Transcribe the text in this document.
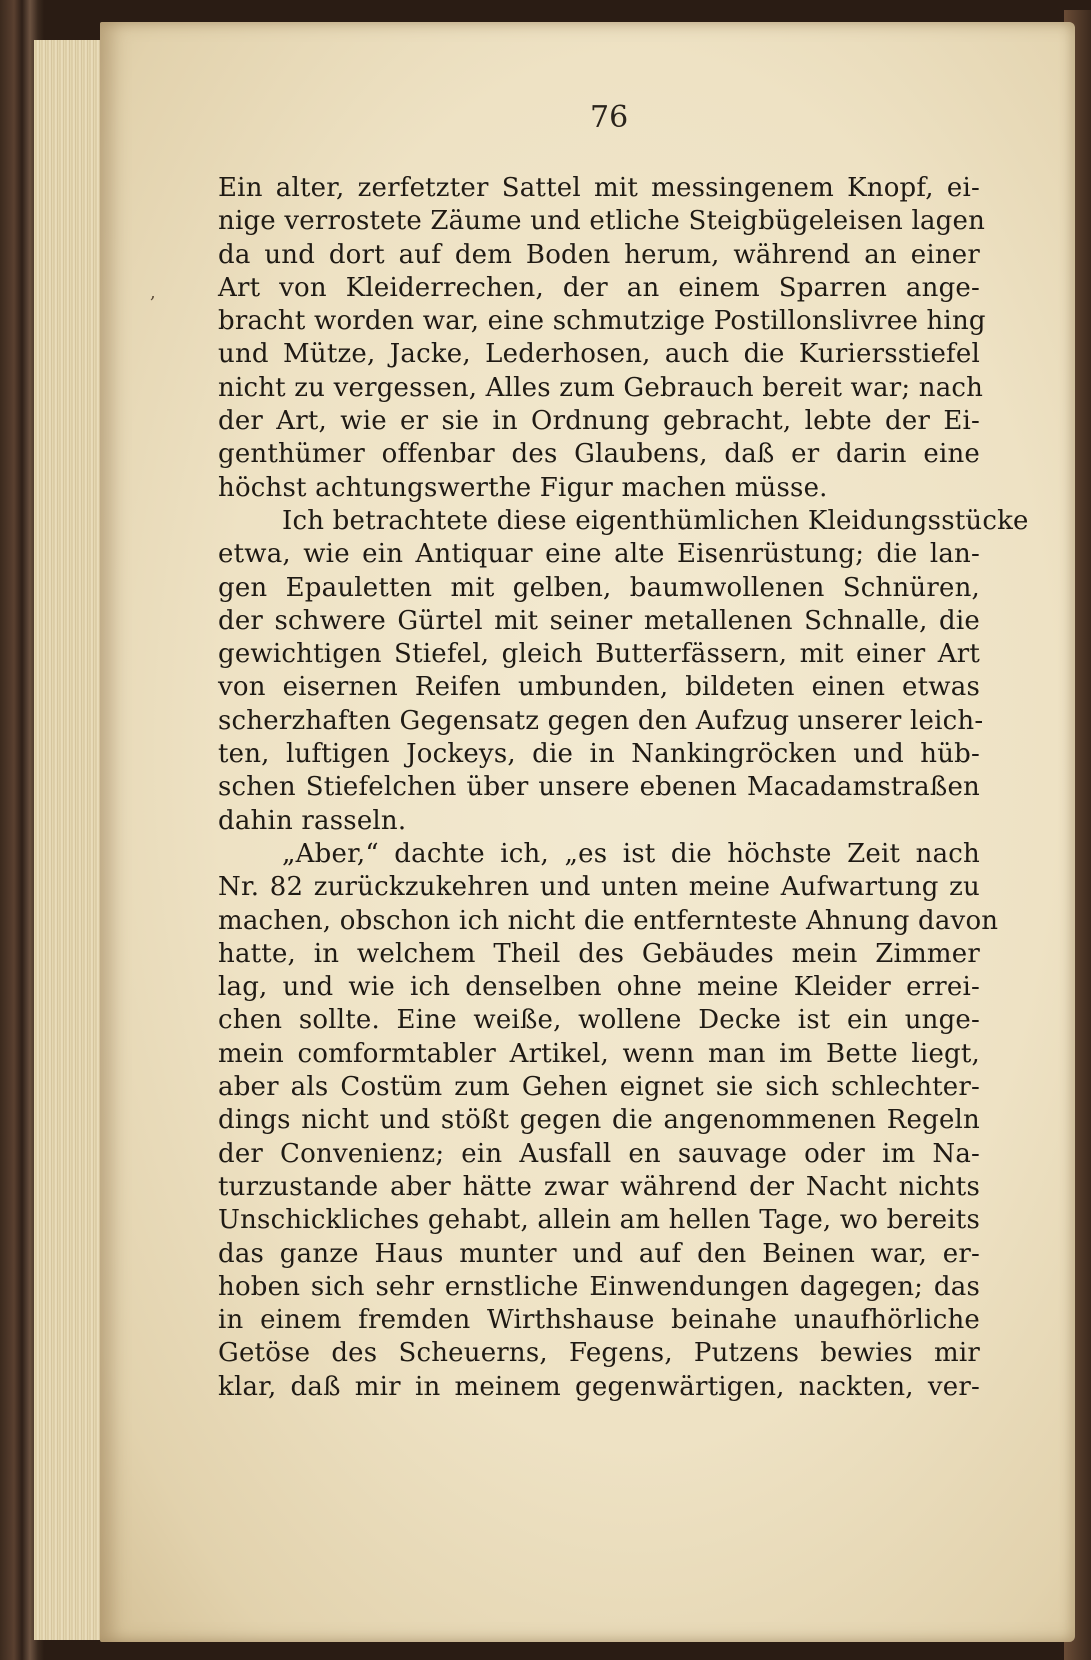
76
,
Ein alter, zerfetzter Sattel mit messingenem Knopf, ei-
nige verrostete Zäume und etliche Steigbügeleisen lagen
da und dort auf dem Boden herum, während an einer
Art von Kleiderrechen, der an einem Sparren ange-
bracht worden war, eine schmutzige Postillonslivree hing
und Mütze, Jacke, Lederhosen, auch die Kuriersstiefel
nicht zu vergessen, Alles zum Gebrauch bereit war; nach
der Art, wie er sie in Ordnung gebracht, lebte der Ei-
genthümer offenbar des Glaubens, daß er darin eine
höchst achtungswerthe Figur machen müsse.
Ich betrachtete diese eigenthümlichen Kleidungsstücke
etwa, wie ein Antiquar eine alte Eisenrüstung; die lan-
gen Epauletten mit gelben, baumwollenen Schnüren,
der schwere Gürtel mit seiner metallenen Schnalle, die
gewichtigen Stiefel, gleich Butterfässern, mit einer Art
von eisernen Reifen umbunden, bildeten einen etwas
scherzhaften Gegensatz gegen den Aufzug unserer leich-
ten, luftigen Jockeys, die in Nankingröcken und hüb-
schen Stiefelchen über unsere ebenen Macadamstraßen
dahin rasseln.
„Aber,“ dachte ich, „es ist die höchste Zeit nach
Nr. 82 zurückzukehren und unten meine Aufwartung zu
machen, obschon ich nicht die entfernteste Ahnung davon
hatte, in welchem Theil des Gebäudes mein Zimmer
lag, und wie ich denselben ohne meine Kleider errei-
chen sollte. Eine weiße, wollene Decke ist ein unge-
mein comformtabler Artikel, wenn man im Bette liegt,
aber als Costüm zum Gehen eignet sie sich schlechter-
dings nicht und stößt gegen die angenommenen Regeln
der Convenienz; ein Ausfall en sauvage oder im Na-
turzustande aber hätte zwar während der Nacht nichts
Unschickliches gehabt, allein am hellen Tage, wo bereits
das ganze Haus munter und auf den Beinen war, er-
hoben sich sehr ernstliche Einwendungen dagegen; das
in einem fremden Wirthshause beinahe unaufhörliche
Getöse des Scheuerns, Fegens, Putzens bewies mir
klar, daß mir in meinem gegenwärtigen, nackten, ver-
